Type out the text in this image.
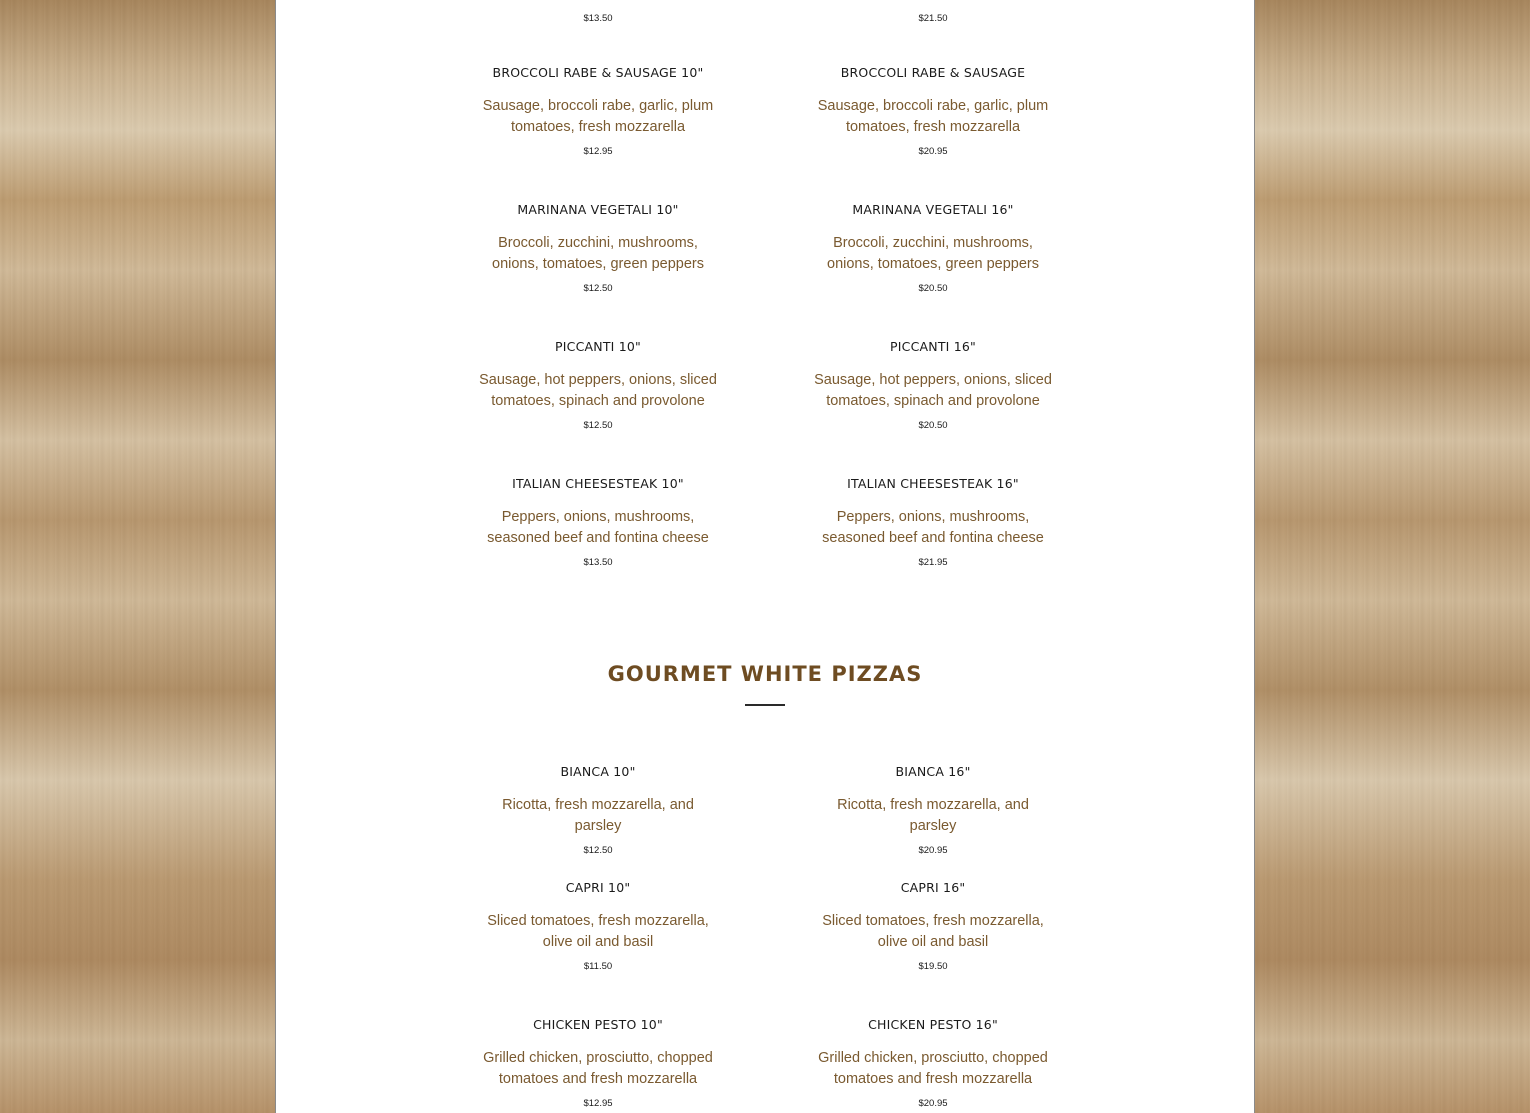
$13.50	$21.50
BROCCOLI RABE & SAUSAGE 10"
Sausage, broccoli rabe, garlic, plum tomatoes, fresh mozzarella
$12.95
BROCCOLI RABE & SAUSAGE
Sausage, broccoli rabe, garlic, plum tomatoes, fresh mozzarella
$20.95
MARINANA VEGETALI 10"
Broccoli, zucchini, mushrooms, onions, tomatoes, green peppers
$12.50
MARINANA VEGETALI 16"
Broccoli, zucchini, mushrooms, onions, tomatoes, green peppers
$20.50
PICCANTI 10"
Sausage, hot peppers, onions, sliced tomatoes, spinach and provolone
$12.50
PICCANTI 16"
Sausage, hot peppers, onions, sliced tomatoes, spinach and provolone
$20.50
ITALIAN CHEESESTEAK 10"
Peppers, onions, mushrooms, seasoned beef and fontina cheese
$13.50
ITALIAN CHEESESTEAK 16"
Peppers, onions, mushrooms, seasoned beef and fontina cheese
$21.95
GOURMET WHITE PIZZAS
BIANCA 10"
Ricotta, fresh mozzarella, and parsley
$12.50
BIANCA 16"
Ricotta, fresh mozzarella, and parsley
$20.95
CAPRI 10"
Sliced tomatoes, fresh mozzarella, olive oil and basil
$11.50
CAPRI 16"
Sliced tomatoes, fresh mozzarella, olive oil and basil
$19.50
CHICKEN PESTO 10"
Grilled chicken, prosciutto, chopped tomatoes and fresh mozzarella
$12.95
CHICKEN PESTO 16"
Grilled chicken, prosciutto, chopped tomatoes and fresh mozzarella
$20.95
